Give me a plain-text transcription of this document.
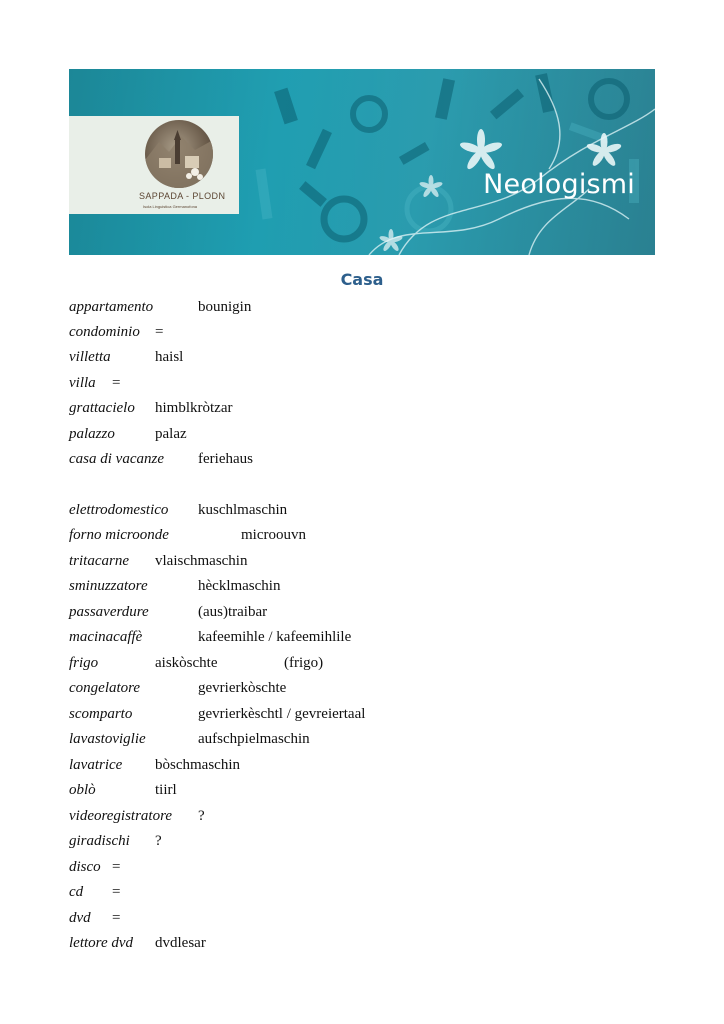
SAPPADA - PLODN
Isola Linguistica Germanofona
Neologismi
Casa
appartamento	bounigin
condominio =
villetta	haisl
villa =
grattacielo himblkròtzar
palazzo	palaz
casa di vacanze feriehaus
elettrodomestico kuschlmaschin
forno microonde	microouvn
tritacarne vlaischmaschin
sminuzzatore	hècklmaschin
passaverdure	(aus)traibar
macinacaffè	kafeemihle / kafeemihlile
frigo	aiskòschte	(frigo)
congelatore	gevrierkòschte
scomparto	gevrierkèschtl / gevreiertaal
lavastoviglie	aufschpielmaschin
lavatrice bòschmaschin
oblò	tiirl
videoregistratore ?
giradischi ?
disco =
cd =
dvd =
lettore dvd dvdlesar
